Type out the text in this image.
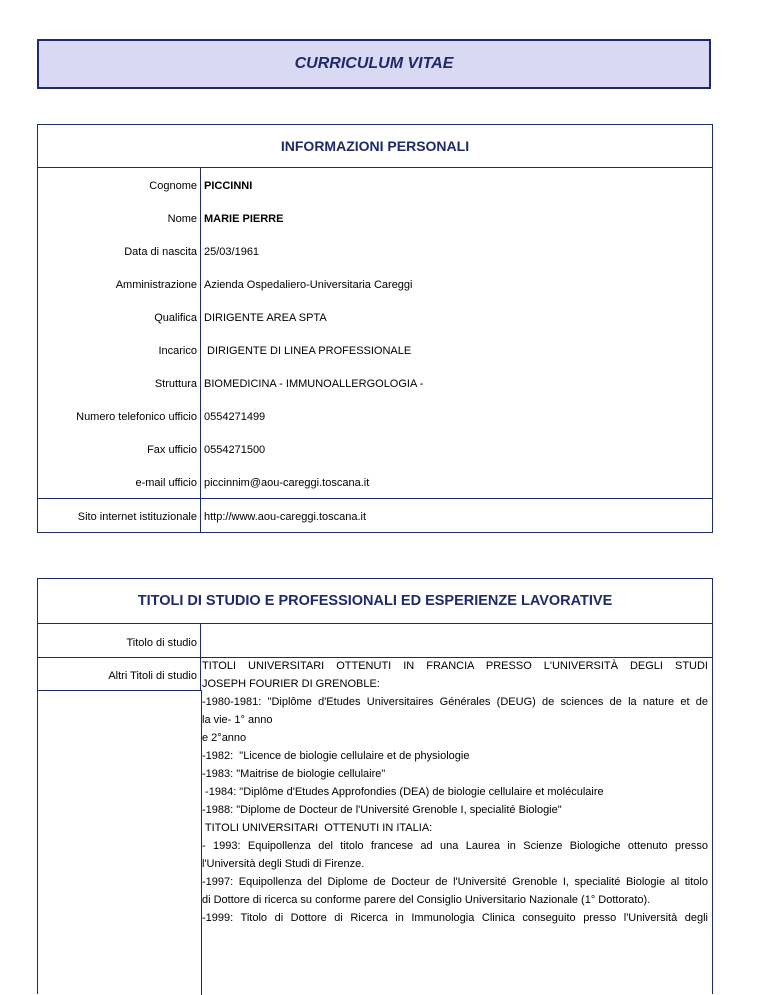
CURRICULUM VITAE
INFORMAZIONI PERSONALI
Cognome PICCINNI
Nome MARIE PIERRE
Data di nascita 25/03/1961
Amministrazione Azienda Ospedaliero-Universitaria Careggi
Qualifica DIRIGENTE AREA SPTA
Incarico DIRIGENTE DI LINEA PROFESSIONALE
Struttura BIOMEDICINA - IMMUNOALLERGOLOGIA -
Numero telefonico ufficio 0554271499
Fax ufficio 0554271500
e-mail ufficio piccinnim@aou-careggi.toscana.it
Sito internet istituzionale http://www.aou-careggi.toscana.it
TITOLI DI STUDIO E PROFESSIONALI ED ESPERIENZE LAVORATIVE
Titolo di studio
Altri Titoli di studio
TITOLI UNIVERSITARI OTTENUTI IN FRANCIA PRESSO L'UNIVERSITÀ DEGLI STUDI
JOSEPH FOURIER DI GRENOBLE:
-1980-1981: "Diplôme d'Etudes Universitaires Générales (DEUG) de sciences de la nature et de
la vie- 1° anno
e 2°anno
-1982:  "Licence de biologie cellulaire et de physiologie
-1983: "Maitrise de biologie cellulaire"
-1984: "Diplôme d'Etudes Approfondies (DEA) de biologie cellulaire et moléculaire
-1988: "Diplome de Docteur de l'Université Grenoble I, specialité Biologie"
TITOLI UNIVERSITARI  OTTENUTI IN ITALIA:
- 1993: Equipollenza del titolo francese ad una Laurea in Scienze Biologiche ottenuto presso
l'Università degli Studi di Firenze.
-1997: Equipollenza del Diplome de Docteur de l'Université Grenoble I, specialité Biologie al titolo
di Dottore di ricerca su conforme parere del Consiglio Universitario Nazionale (1° Dottorato).
-1999: Titolo di Dottore di Ricerca in Immunologia Clinica conseguito presso l'Università degli
